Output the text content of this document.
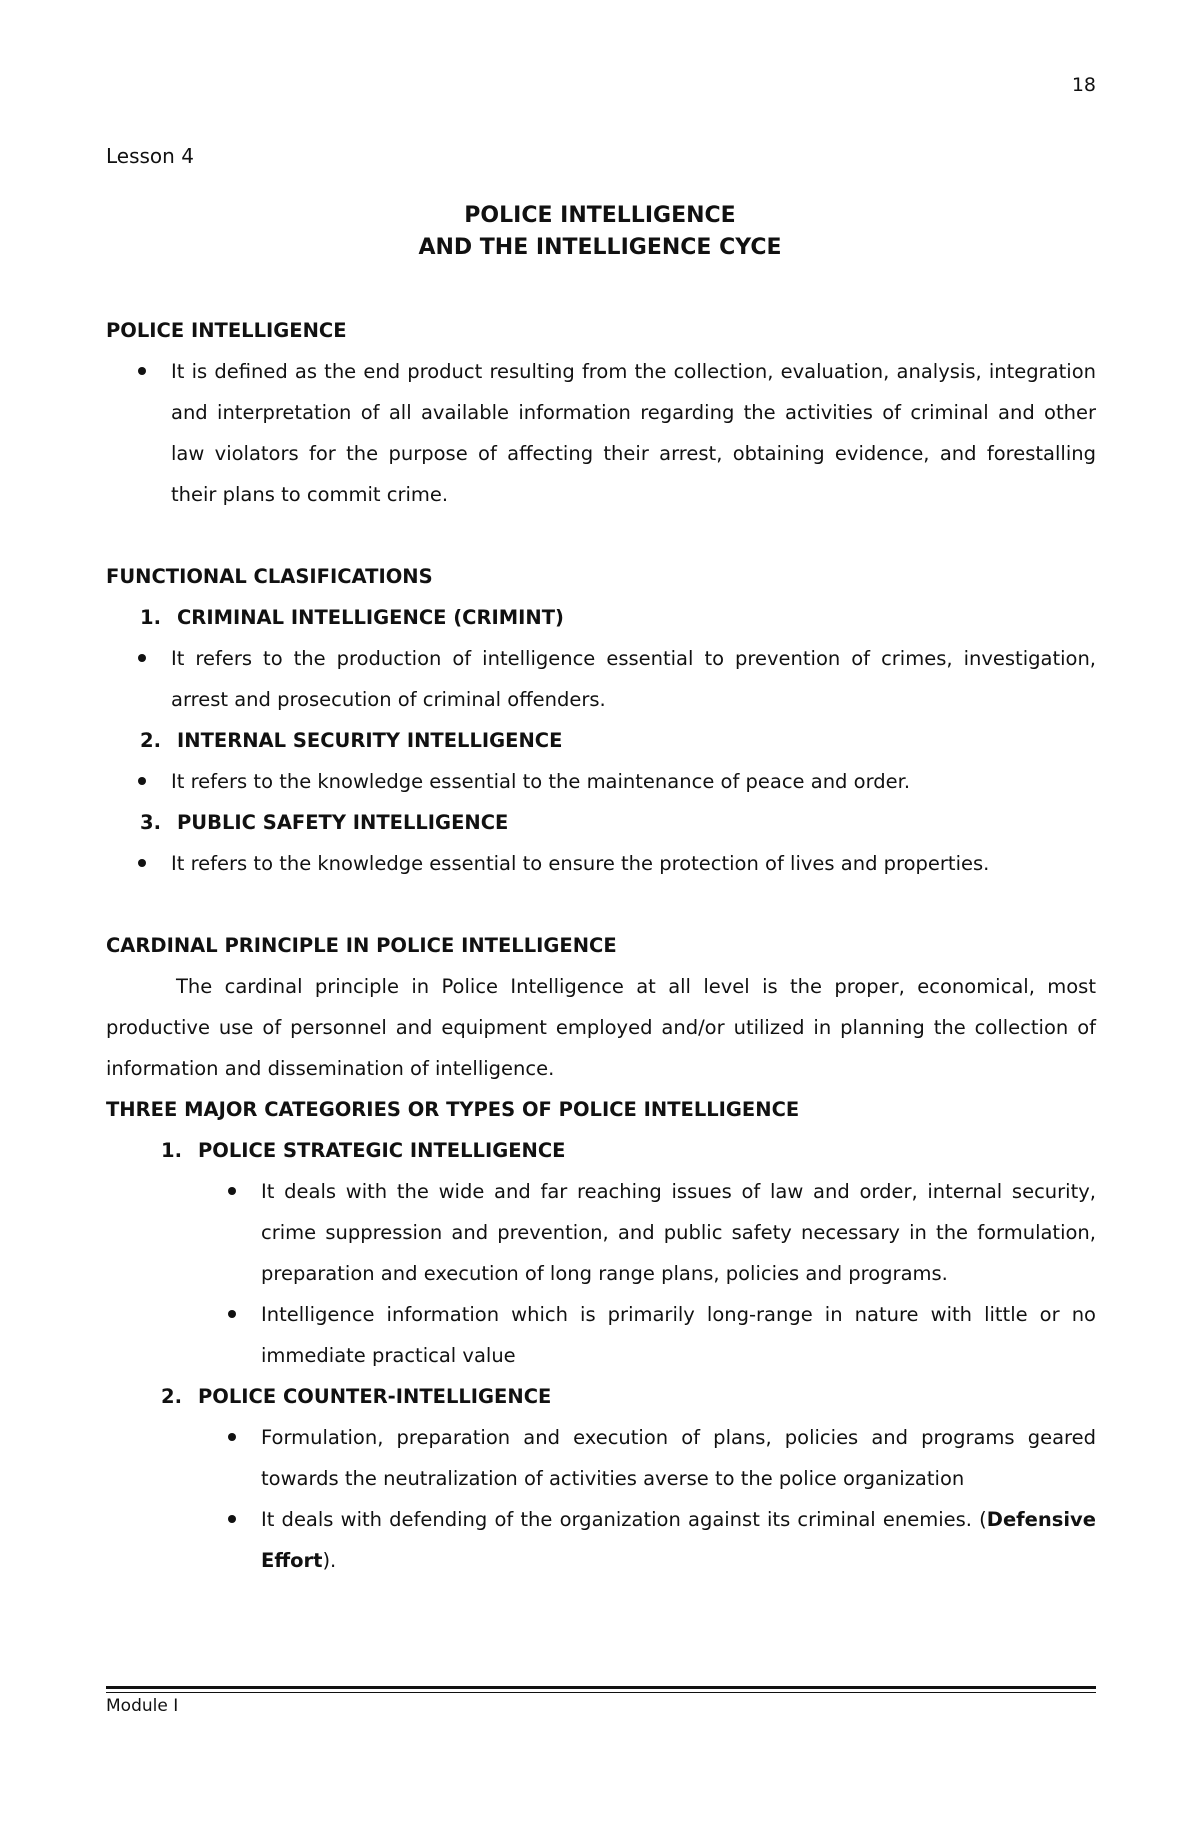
18
Lesson 4
POLICE INTELLIGENCE
AND THE INTELLIGENCE CYCE
POLICE INTELLIGENCE
It is defined as the end product resulting from the collection, evaluation, analysis, integration and interpretation of all available information regarding the activities of criminal and other law violators for the purpose of affecting their arrest, obtaining evidence, and forestalling their plans to commit crime.
FUNCTIONAL CLASIFICATIONS
1. CRIMINAL INTELLIGENCE (CRIMINT)
It refers to the production of intelligence essential to prevention of crimes, investigation, arrest and prosecution of criminal offenders.
2. INTERNAL SECURITY INTELLIGENCE
It refers to the knowledge essential to the maintenance of peace and order.
3. PUBLIC SAFETY INTELLIGENCE
It refers to the knowledge essential to ensure the protection of lives and properties.
CARDINAL PRINCIPLE IN POLICE INTELLIGENCE
The cardinal principle in Police Intelligence at all level is the proper, economical, most productive use of personnel and equipment employed and/or utilized in planning the collection of information and dissemination of intelligence.
THREE MAJOR CATEGORIES OR TYPES OF POLICE INTELLIGENCE
1. POLICE STRATEGIC INTELLIGENCE
It deals with the wide and far reaching issues of law and order, internal security, crime suppression and prevention, and public safety necessary in the formulation, preparation and execution of long range plans, policies and programs.
Intelligence information which is primarily long-range in nature with little or no immediate practical value
2. POLICE COUNTER-INTELLIGENCE
Formulation, preparation and execution of plans, policies and programs geared towards the neutralization of activities averse to the police organization
It deals with defending of the organization against its criminal enemies. (Defensive Effort).
Module I
